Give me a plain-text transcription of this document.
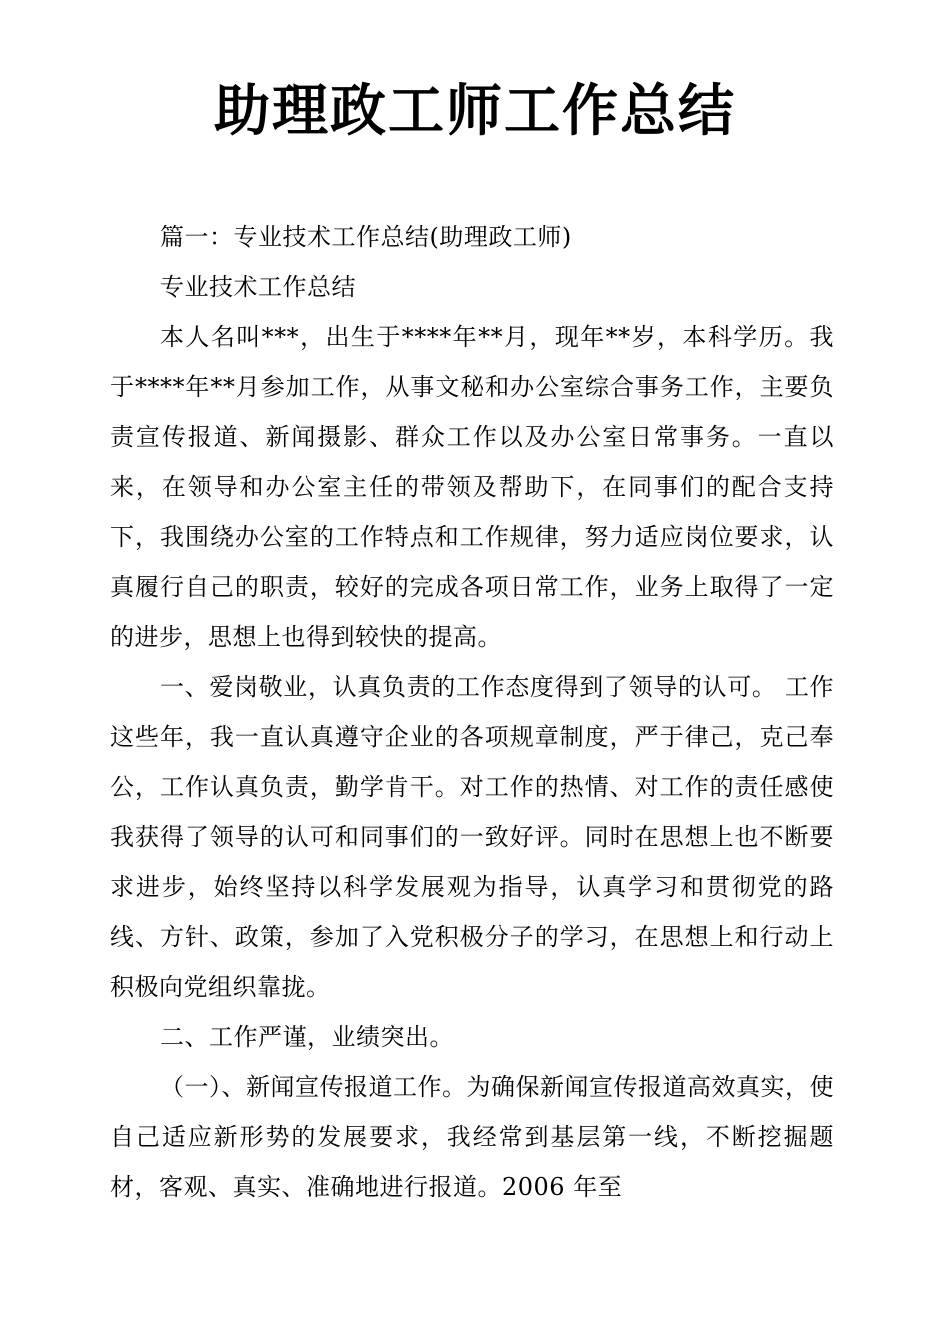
助理政工师工作总结

篇一：专业技术工作总结(助理政工师)

专业技术工作总结

本人名叫***，出生于****年**月，现年**岁，本科学历。我于****年**月参加工作，从事文秘和办公室综合事务工作，主要负责宣传报道、新闻摄影、群众工作以及办公室日常事务。一直以来，在领导和办公室主任的带领及帮助下，在同事们的配合支持下，我围绕办公室的工作特点和工作规律，努力适应岗位要求，认真履行自己的职责，较好的完成各项日常工作，业务上取得了一定的进步，思想上也得到较快的提高。

一、爱岗敬业，认真负责的工作态度得到了领导的认可。 工作这些年，我一直认真遵守企业的各项规章制度，严于律己，克己奉公，工作认真负责，勤学肯干。对工作的热情、对工作的责任感使我获得了领导的认可和同事们的一致好评。同时在思想上也不断要求进步，始终坚持以科学发展观为指导，认真学习和贯彻党的路线、方针、政策，参加了入党积极分子的学习，在思想上和行动上积极向党组织靠拢。

二、工作严谨，业绩突出。

（一）、新闻宣传报道工作。为确保新闻宣传报道高效真实，使自己适应新形势的发展要求，我经常到基层第一线，不断挖掘题材，客观、真实、准确地进行报道。2006 年至
